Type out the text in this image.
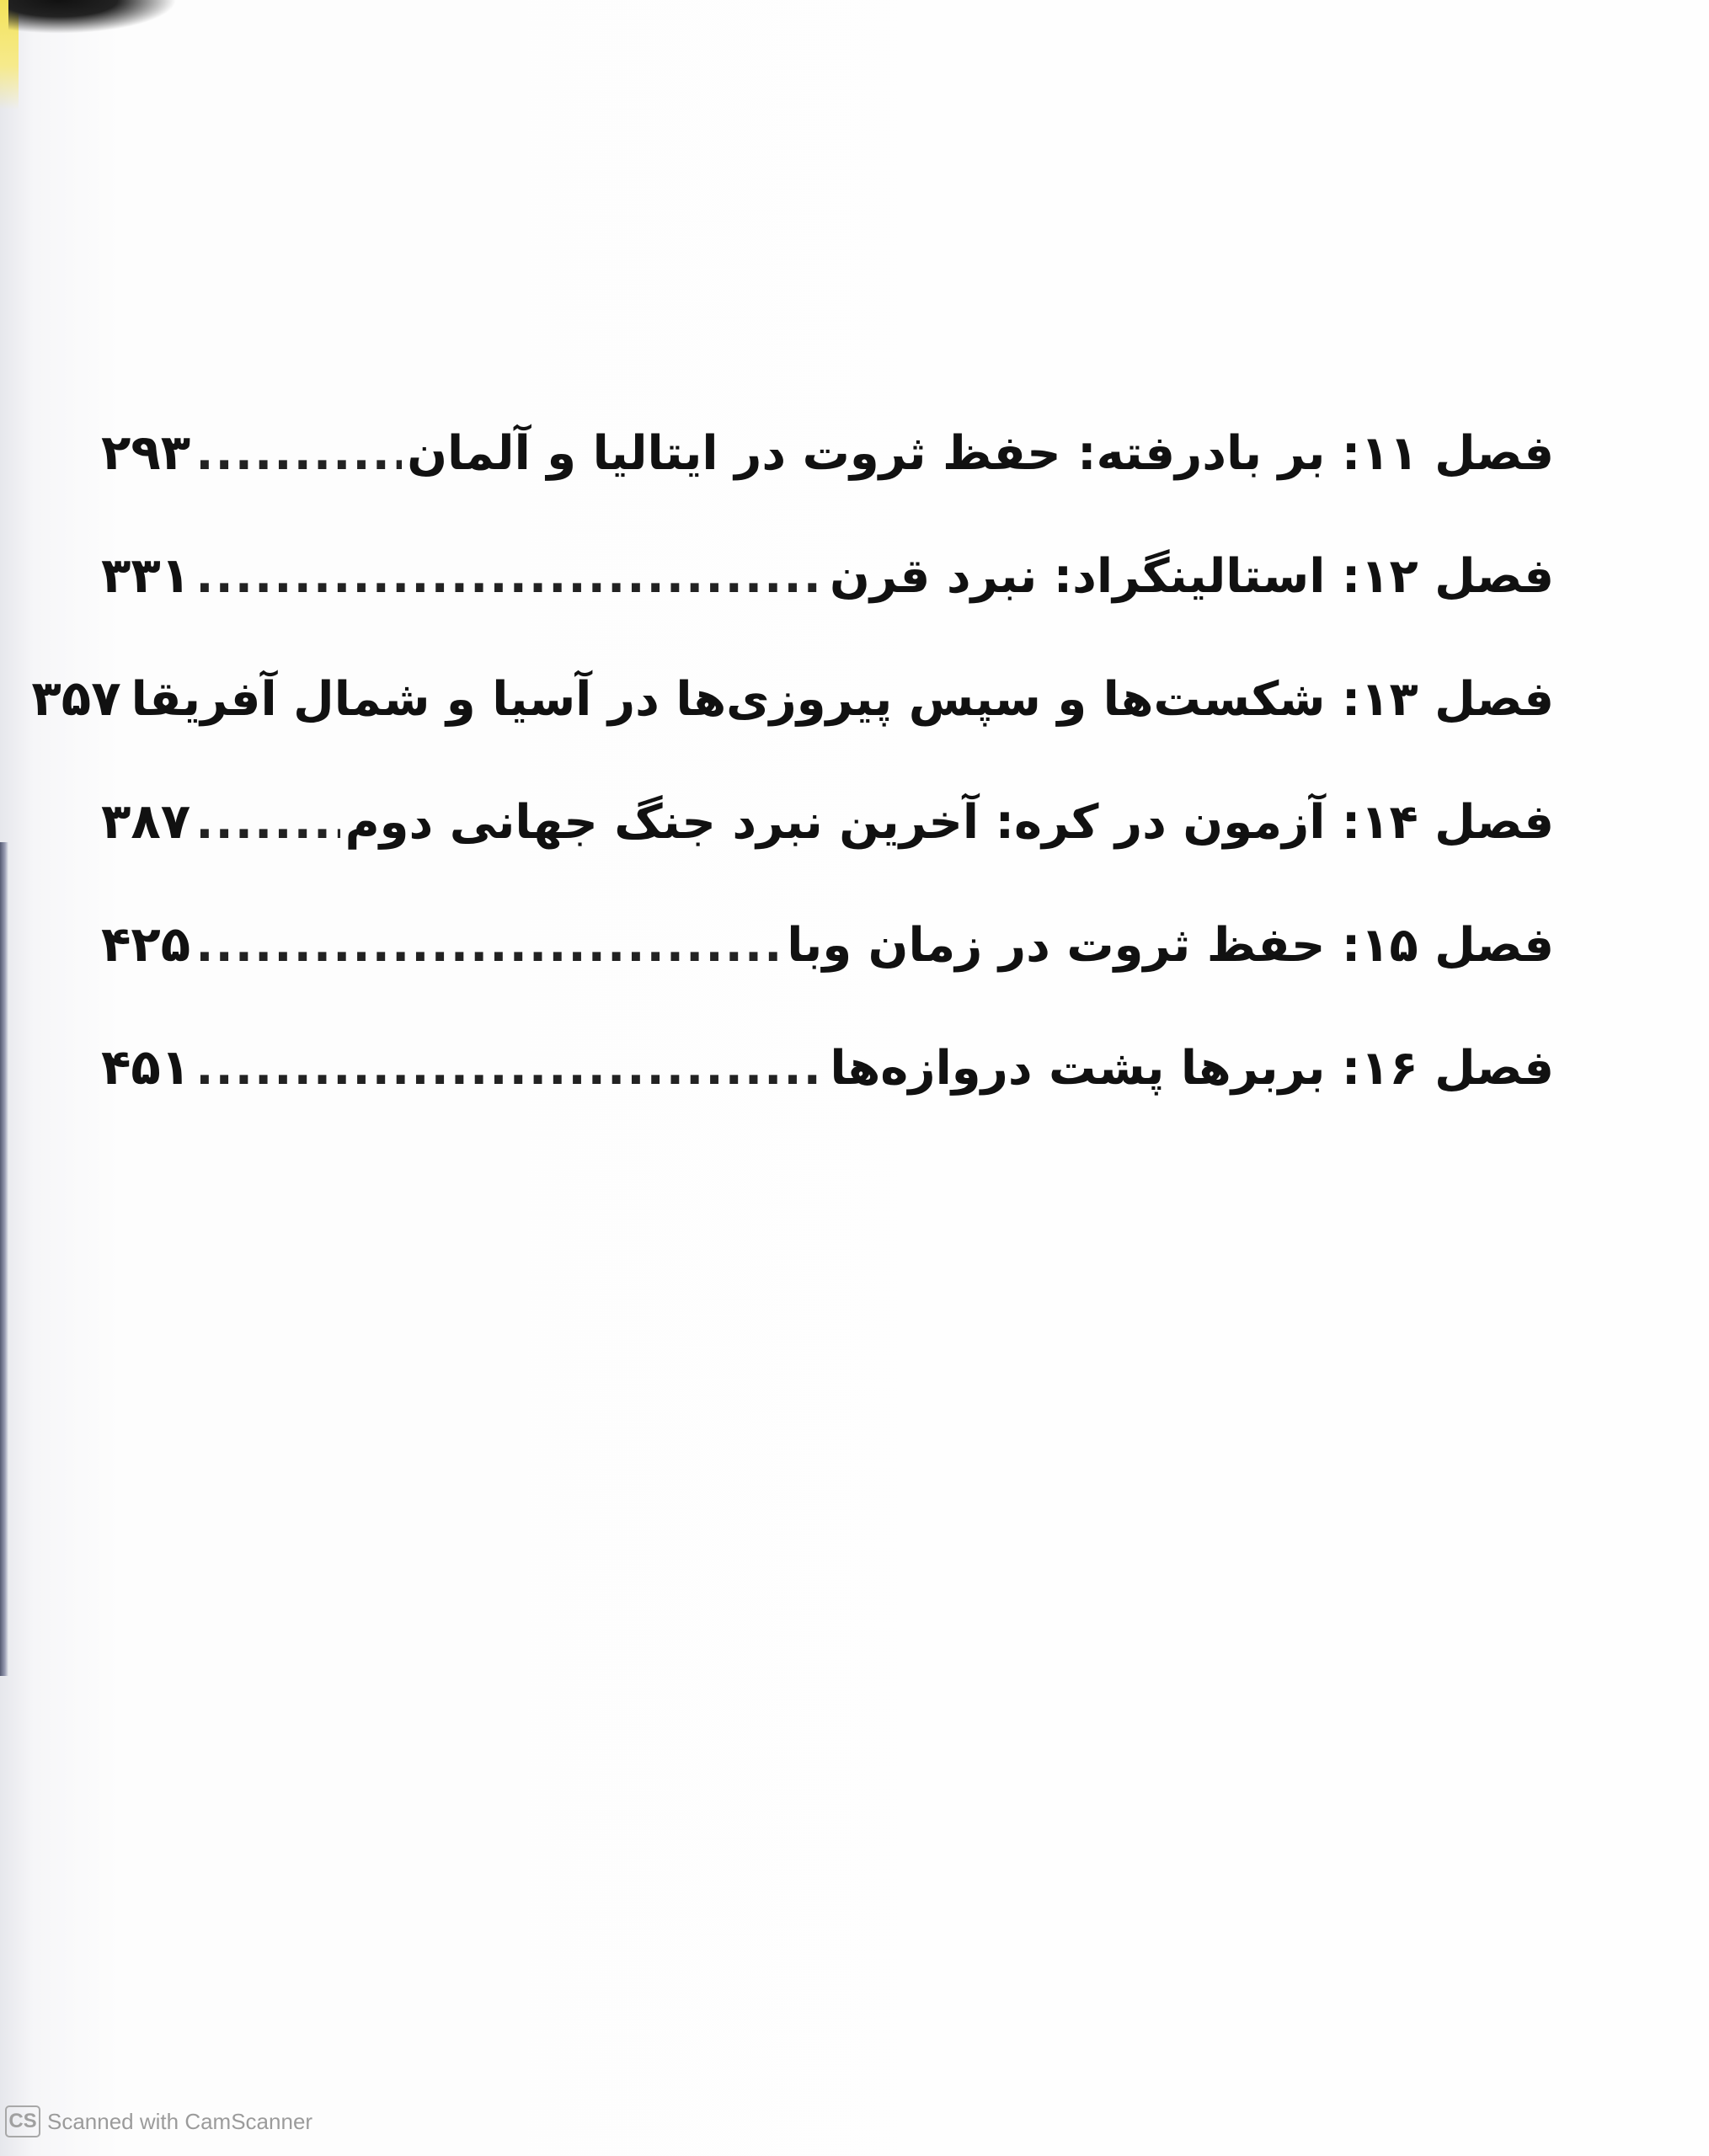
فصل ۱۱: بر بادرفته: حفظ ثروت در ایتالیا و آلمان
.....
۲۹۳
فصل ۱۲: استالینگراد: نبرد قرن
.....
۳۳۱
فصل ۱۳: شکست‌ها و سپس پیروزی‌ها در آسیا و شمال آفریقا
۳۵۷
فصل ۱۴: آزمون در کره: آخرین نبرد جنگ جهانی دوم
.....
۳۸۷
فصل ۱۵: حفظ ثروت در زمان وبا
.....
۴۲۵
فصل ۱۶: بربرها پشت دروازه‌ها
.....
۴۵۱
CS Scanned with CamScanner
